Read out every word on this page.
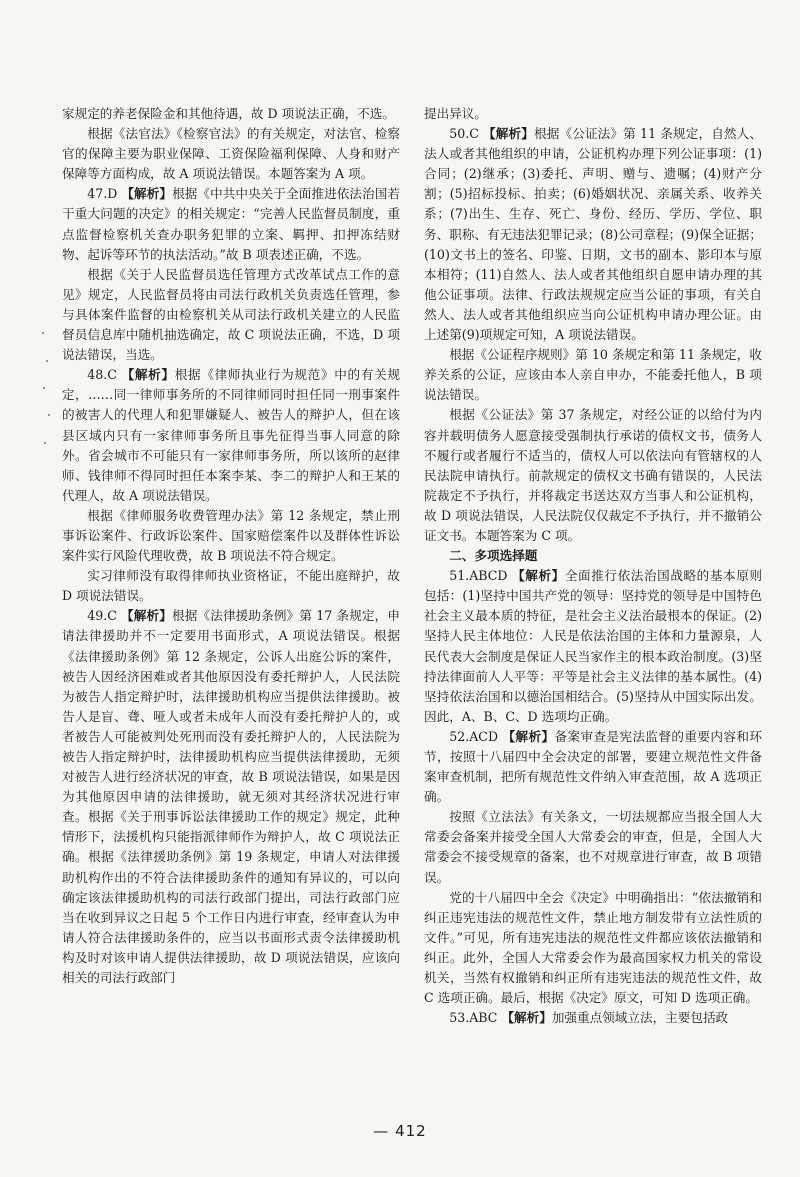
家规定的养老保险金和其他待遇，故 D 项说法正确，不选。

根据《法官法》《检察官法》的有关规定，对法官、检察官的保障主要为职业保障、工资保险福利保障、人身和财产保障等方面构成，故 A 项说法错误。本题答案为 A 项。

47.D 【解析】根据《中共中央关于全面推进依法治国若干重大问题的决定》的相关规定：“完善人民监督员制度，重点监督检察机关查办职务犯罪的立案、羁押、扣押冻结财物、起诉等环节的执法活动。”故 B 项表述正确，不选。

根据《关于人民监督员选任管理方式改革试点工作的意见》规定，人民监督员将由司法行政机关负责选任管理，参与具体案件监督的由检察机关从司法行政机关建立的人民监督员信息库中随机抽选确定，故 C 项说法正确，不选，D 项说法错误，当选。

48.C 【解析】根据《律师执业行为规范》中的有关规定，……同一律师事务所的不同律师同时担任同一刑事案件的被害人的代理人和犯罪嫌疑人、被告人的辩护人，但在该县区域内只有一家律师事务所且事先征得当事人同意的除外。省会城市不可能只有一家律师事务所，所以该所的赵律师、钱律师不得同时担任本案李某、李二的辩护人和王某的代理人，故 A 项说法错误。

根据《律师服务收费管理办法》第 12 条规定，禁止刑事诉讼案件、行政诉讼案件、国家赔偿案件以及群体性诉讼案件实行风险代理收费，故 B 项说法不符合规定。

实习律师没有取得律师执业资格证，不能出庭辩护，故 D 项说法错误。

49.C 【解析】根据《法律援助条例》第 17 条规定，申请法律援助并不一定要用书面形式，A 项说法错误。根据《法律援助条例》第 12 条规定，公诉人出庭公诉的案件，被告人因经济困难或者其他原因没有委托辩护人，人民法院为被告人指定辩护时，法律援助机构应当提供法律援助。被告人是盲、聋、哑人或者未成年人而没有委托辩护人的，或者被告人可能被判处死刑而没有委托辩护人的，人民法院为被告人指定辩护时，法律援助机构应当提供法律援助，无须对被告人进行经济状况的审查，故 B 项说法错误，如果是因为其他原因申请的法律援助，就无须对其经济状况进行审查。根据《关于刑事诉讼法律援助工作的规定》规定，此种情形下，法援机构只能指派律师作为辩护人，故 C 项说法正确。根据《法律援助条例》第 19 条规定，申请人对法律援助机构作出的不符合法律援助条件的通知有异议的，可以向确定该法律援助机构的司法行政部门提出，司法行政部门应当在收到异议之日起 5 个工作日内进行审查，经审查认为申请人符合法律援助条件的，应当以书面形式责令法律援助机构及时对该申请人提供法律援助，故 D 项说法错误，应该向相关的司法行政部门

提出异议。

50.C 【解析】根据《公证法》第 11 条规定，自然人、法人或者其他组织的申请，公证机构办理下列公证事项：(1)合同；(2)继承；(3)委托、声明、赠与、遗嘱；(4)财产分割；(5)招标投标、拍卖；(6)婚姻状况、亲属关系、收养关系；(7)出生、生存、死亡、身份、经历、学历、学位、职务、职称、有无违法犯罪记录；(8)公司章程；(9)保全证据；(10)文书上的签名、印鉴、日期，文书的副本、影印本与原本相符；(11)自然人、法人或者其他组织自愿申请办理的其他公证事项。法律、行政法规规定应当公证的事项，有关自然人、法人或者其他组织应当向公证机构申请办理公证。由上述第(9)项规定可知，A 项说法错误。

根据《公证程序规则》第 10 条规定和第 11 条规定，收养关系的公证，应该由本人亲自申办，不能委托他人，B 项说法错误。

根据《公证法》第 37 条规定，对经公证的以给付为内容并载明债务人愿意接受强制执行承诺的债权文书，债务人不履行或者履行不适当的，债权人可以依法向有管辖权的人民法院申请执行。前款规定的债权文书确有错误的，人民法院裁定不予执行，并将裁定书送达双方当事人和公证机构，故 D 项说法错误，人民法院仅仅裁定不予执行，并不撤销公证文书。本题答案为 C 项。

二、多项选择题

51.ABCD 【解析】全面推行依法治国战略的基本原则包括：(1)坚持中国共产党的领导：坚持党的领导是中国特色社会主义最本质的特征，是社会主义法治最根本的保证。(2)坚持人民主体地位：人民是依法治国的主体和力量源泉，人民代表大会制度是保证人民当家作主的根本政治制度。(3)坚持法律面前人人平等：平等是社会主义法律的基本属性。(4)坚持依法治国和以德治国相结合。(5)坚持从中国实际出发。因此，A、B、C、D 选项均正确。

52.ACD 【解析】备案审查是宪法监督的重要内容和环节，按照十八届四中全会决定的部署，要建立规范性文件备案审查机制，把所有规范性文件纳入审查范围，故 A 选项正确。

按照《立法法》有关条文，一切法规都应当报全国人大常委会备案并接受全国人大常委会的审查，但是，全国人大常委会不接受规章的备案，也不对规章进行审查，故 B 项错误。

党的十八届四中全会《决定》中明确指出：“依法撤销和纠正违宪违法的规范性文件，禁止地方制发带有立法性质的文件。”可见，所有违宪违法的规范性文件都应该依法撤销和纠正。此外，全国人大常委会作为最高国家权力机关的常设机关，当然有权撤销和纠正所有违宪违法的规范性文件，故 C 选项正确。最后，根据《决定》原文，可知 D 选项正确。

53.ABC 【解析】加强重点领域立法，主要包括政

— 412
